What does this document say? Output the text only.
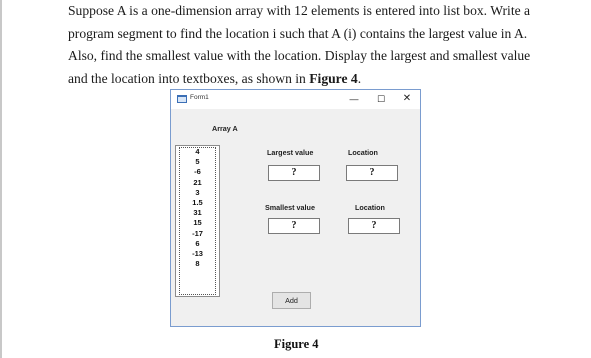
Suppose A is a one-dimension array with 12 elements is entered into list box. Write a

program segment to find the location i such that A (i) contains the largest value in A.

Also, find the smallest value with the location. Display the largest and smallest value

and the location into textboxes, as shown in Figure 4.

Form1	—	☐	✕
Array A
4
5
-6
21
3
1.5
31
15
-17
6
-13
8
Largest value	Location
?	?
Smallest value	Location
?	?
Add
Figure 4
